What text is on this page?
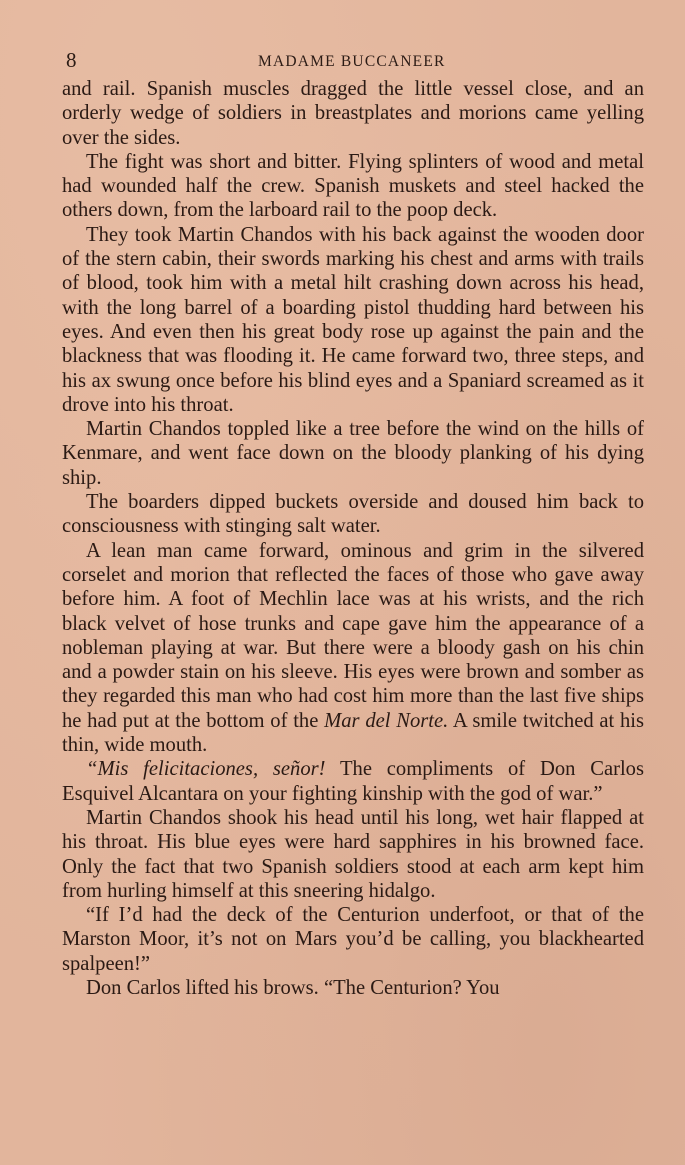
8	MADAME BUCCANEER

and rail. Spanish muscles dragged the little vessel close, and an orderly wedge of soldiers in breastplates and morions came yelling over the sides.

The fight was short and bitter. Flying splinters of wood and metal had wounded half the crew. Spanish muskets and steel hacked the others down, from the larboard rail to the poop deck.

They took Martin Chandos with his back against the wooden door of the stern cabin, their swords marking his chest and arms with trails of blood, took him with a metal hilt crashing down across his head, with the long barrel of a boarding pistol thudding hard between his eyes. And even then his great body rose up against the pain and the blackness that was flooding it. He came forward two, three steps, and his ax swung once before his blind eyes and a Spaniard screamed as it drove into his throat.

Martin Chandos toppled like a tree before the wind on the hills of Kenmare, and went face down on the bloody planking of his dying ship.

The boarders dipped buckets overside and doused him back to consciousness with stinging salt water.

A lean man came forward, ominous and grim in the silvered corselet and morion that reflected the faces of those who gave away before him. A foot of Mechlin lace was at his wrists, and the rich black velvet of hose trunks and cape gave him the appearance of a nobleman playing at war. But there were a bloody gash on his chin and a powder stain on his sleeve. His eyes were brown and somber as they regarded this man who had cost him more than the last five ships he had put at the bottom of the Mar del Norte. A smile twitched at his thin, wide mouth.

“Mis felicitaciones, señor! The compliments of Don Carlos Esquivel Alcantara on your fighting kinship with the god of war.”

Martin Chandos shook his head until his long, wet hair flapped at his throat. His blue eyes were hard sapphires in his browned face. Only the fact that two Spanish soldiers stood at each arm kept him from hurling himself at this sneering hidalgo.

“If I’d had the deck of the Centurion underfoot, or that of the Marston Moor, it’s not on Mars you’d be calling, you blackhearted spalpeen!”

Don Carlos lifted his brows. “The Centurion? You
